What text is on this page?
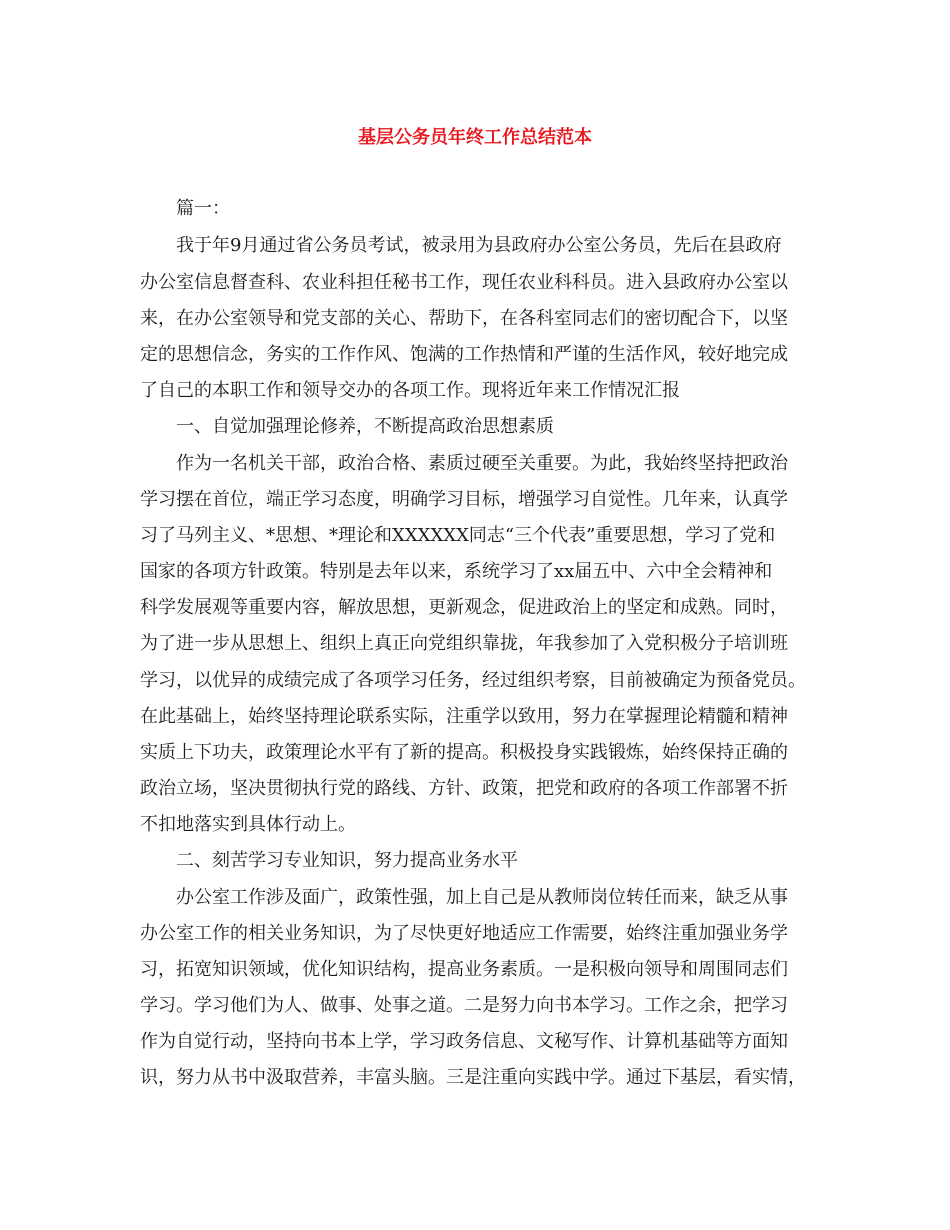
基层公务员年终工作总结范本
篇一：
我于年9月通过省公务员考试，被录用为县政府办公室公务员，先后在县政府
办公室信息督查科、农业科担任秘书工作，现任农业科科员。进入县政府办公室以
来，在办公室领导和党支部的关心、帮助下，在各科室同志们的密切配合下，以坚
定的思想信念，务实的工作作风、饱满的工作热情和严谨的生活作风，较好地完成
了自己的本职工作和领导交办的各项工作。现将近年来工作情况汇报
一、自觉加强理论修养，不断提高政治思想素质
作为一名机关干部，政治合格、素质过硬至关重要。为此，我始终坚持把政治
学习摆在首位，端正学习态度，明确学习目标，增强学习自觉性。几年来，认真学
习了马列主义、*思想、*理论和XXXXXX同志“三个代表”重要思想，学习了党和
国家的各项方针政策。特别是去年以来，系统学习了xx届五中、六中全会精神和
科学发展观等重要内容，解放思想，更新观念，促进政治上的坚定和成熟。同时，
为了进一步从思想上、组织上真正向党组织靠拢，年我参加了入党积极分子培训班
学习，以优异的成绩完成了各项学习任务，经过组织考察，目前被确定为预备党员。
在此基础上，始终坚持理论联系实际，注重学以致用，努力在掌握理论精髓和精神
实质上下功夫，政策理论水平有了新的提高。积极投身实践锻炼，始终保持正确的
政治立场，坚决贯彻执行党的路线、方针、政策，把党和政府的各项工作部署不折
不扣地落实到具体行动上。
二、刻苦学习专业知识，努力提高业务水平
办公室工作涉及面广，政策性强，加上自己是从教师岗位转任而来，缺乏从事
办公室工作的相关业务知识，为了尽快更好地适应工作需要，始终注重加强业务学
习，拓宽知识领域，优化知识结构，提高业务素质。一是积极向领导和周围同志们
学习。学习他们为人、做事、处事之道。二是努力向书本学习。工作之余，把学习
作为自觉行动，坚持向书本上学，学习政务信息、文秘写作、计算机基础等方面知
识，努力从书中汲取营养，丰富头脑。三是注重向实践中学。通过下基层，看实情，
